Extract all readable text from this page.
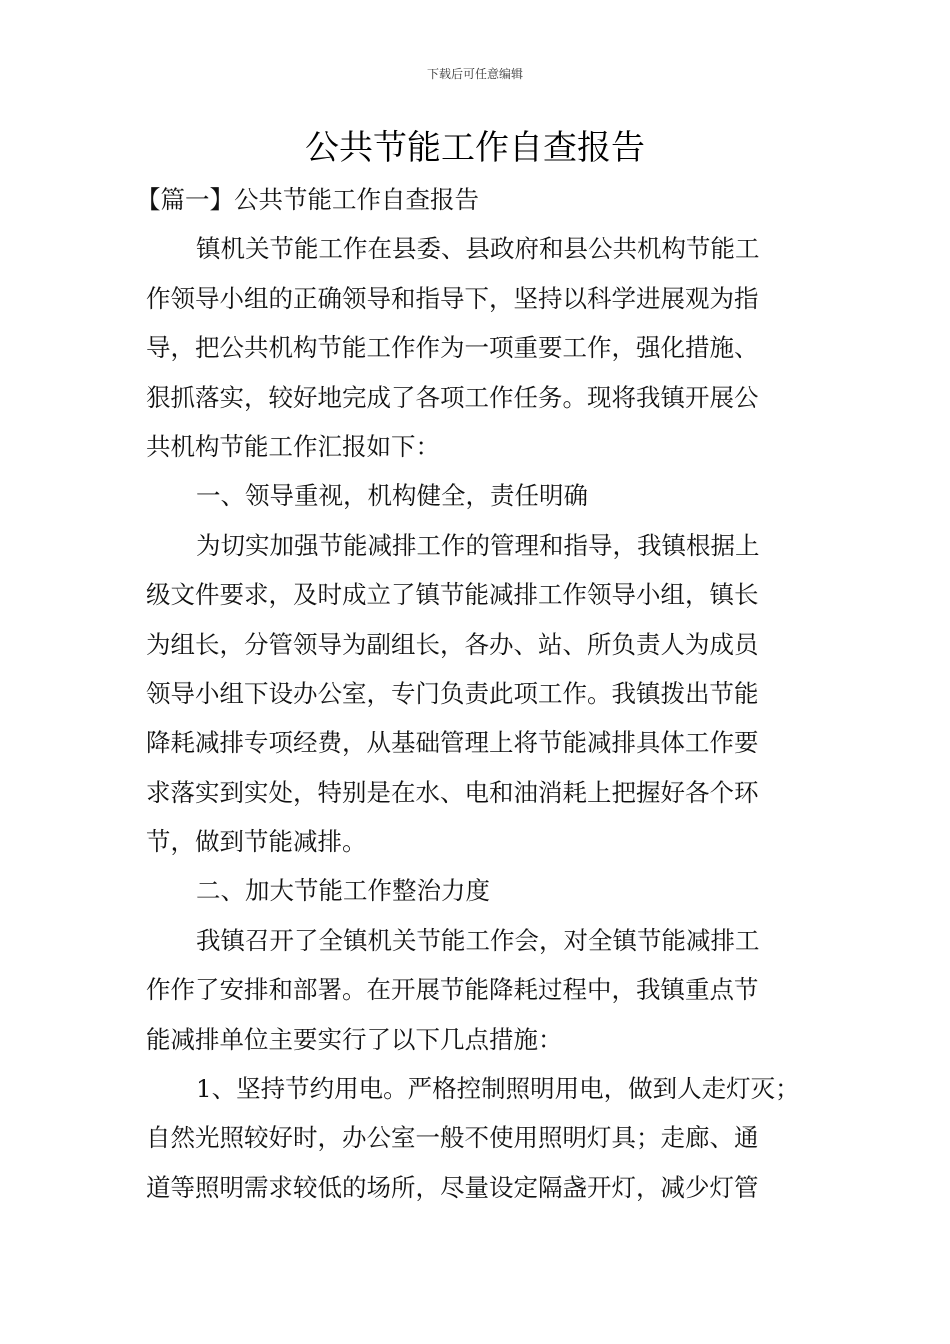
下载后可任意编辑
公共节能工作自查报告
【篇一】公共节能工作自查报告
镇机关节能工作在县委、县政府和县公共机构节能工
作领导小组的正确领导和指导下，坚持以科学进展观为指
导，把公共机构节能工作作为一项重要工作，强化措施、
狠抓落实，较好地完成了各项工作任务。现将我镇开展公
共机构节能工作汇报如下：
一、领导重视，机构健全，责任明确
为切实加强节能减排工作的管理和指导，我镇根据上
级文件要求，及时成立了镇节能减排工作领导小组，镇长
为组长，分管领导为副组长，各办、站、所负责人为成员
领导小组下设办公室，专门负责此项工作。我镇拨出节能
降耗减排专项经费，从基础管理上将节能减排具体工作要
求落实到实处，特别是在水、电和油消耗上把握好各个环
节，做到节能减排。
二、加大节能工作整治力度
我镇召开了全镇机关节能工作会，对全镇节能减排工
作作了安排和部署。在开展节能降耗过程中，我镇重点节
能减排单位主要实行了以下几点措施：
1、坚持节约用电。严格控制照明用电，做到人走灯灭；
自然光照较好时，办公室一般不使用照明灯具；走廊、通
道等照明需求较低的场所，尽量设定隔盏开灯，减少灯管
